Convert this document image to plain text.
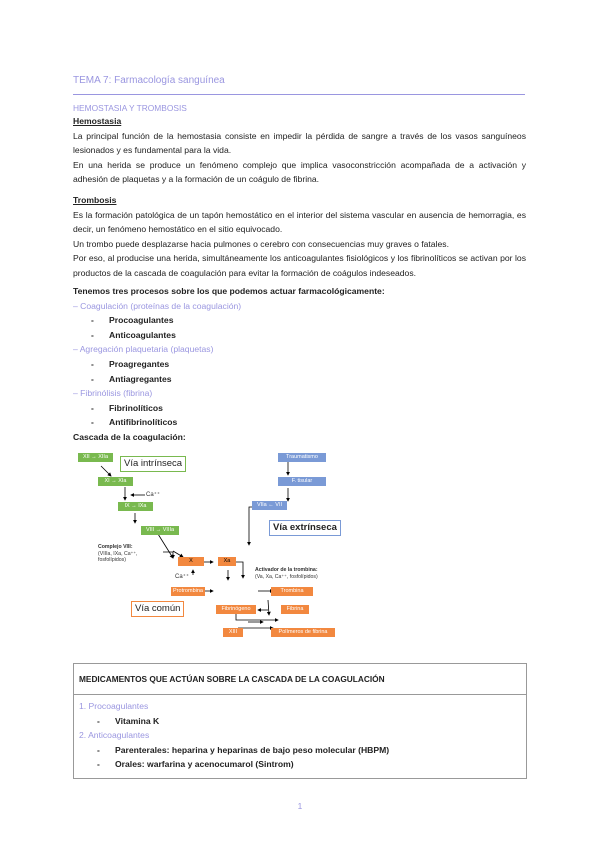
TEMA 7: Farmacología sanguínea
HEMOSTASIA Y TROMBOSIS
Hemostasia

La principal función de la hemostasia consiste en impedir la pérdida de sangre a través de los vasos sanguíneos lesionados y es fundamental para la vida.

En una herida se produce un fenómeno complejo que implica vasoconstricción acompañada de a activación y adhesión de plaquetas y a la formación de un coágulo de fibrina.

Trombosis

Es la formación patológica de un tapón hemostático en el interior del sistema vascular en ausencia de hemorragia, es decir, un fenómeno hemostático en el sitio equivocado.

Un trombo puede desplazarse hacia pulmones o cerebro con consecuencias muy graves o fatales.

Por eso, al producise una herida, simultáneamente los anticoagulantes fisiológicos y los fibrinolíticos se activan por los productos de la cascada de coagulación para evitar la formación de coágulos indeseados.

Tenemos tres procesos sobre los que podemos actuar farmacológicamente:
– Coagulación (proteínas de la coagulación)
- Procoagulantes
- Anticoagulantes
– Agregación plaquetaria (plaquetas)
- Proagregantes
- Antiagregantes
– Fibrinólisis (fibrina)
- Fibrinolíticos
- Antifibrinolíticos
Cascada de la coagulación:
XII → XIIa
Vía intrínseca
XI → XIa
Ca⁺⁺
IX → IXa
VIII → VIIIa
Traumatismo
F. tisular
VIIa ← VII
Vía extrínseca
Complejo VIII:
(VIIIa, IXa, Ca⁺⁺, fosfolípidos)	X	Xa
Ca⁺⁺
Activador de la trombina:
(Va, Xa, Ca⁺⁺, fosfolípidos)
Protrombina	Trombina
Vía común	Fibrinógeno	Fibrina
XIII	Polímeros de fibrina
MEDICAMENTOS QUE ACTÚAN SOBRE LA CASCADA DE LA COAGULACIÓN
1. Procoagulantes
- Vitamina K
2. Anticoagulantes
- Parenterales: heparina y heparinas de bajo peso molecular (HBPM)
- Orales: warfarina y acenocumarol (Sintrom)
1
